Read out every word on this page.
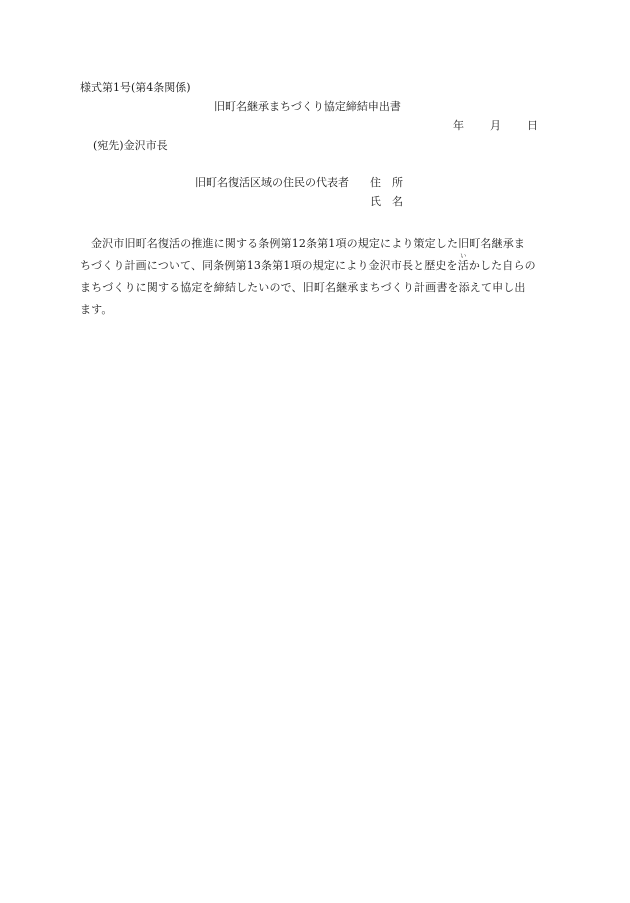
様式第1号(第4条関係)
旧町名継承まちづくり協定締結申出書
年 月 日
(宛先)金沢市長
旧町名復活区域の住民の代表者 住　所
氏　名
金沢市旧町名復活の推進に関する条例第12条第1項の規定により策定した旧町名継承ま
ちづくり計画について、同条例第13条第1項の規定により金沢市長と歴史を
い
活かした自らの
まちづくりに関する協定を締結したいので、旧町名継承まちづくり計画書を添えて申し出
ます。
